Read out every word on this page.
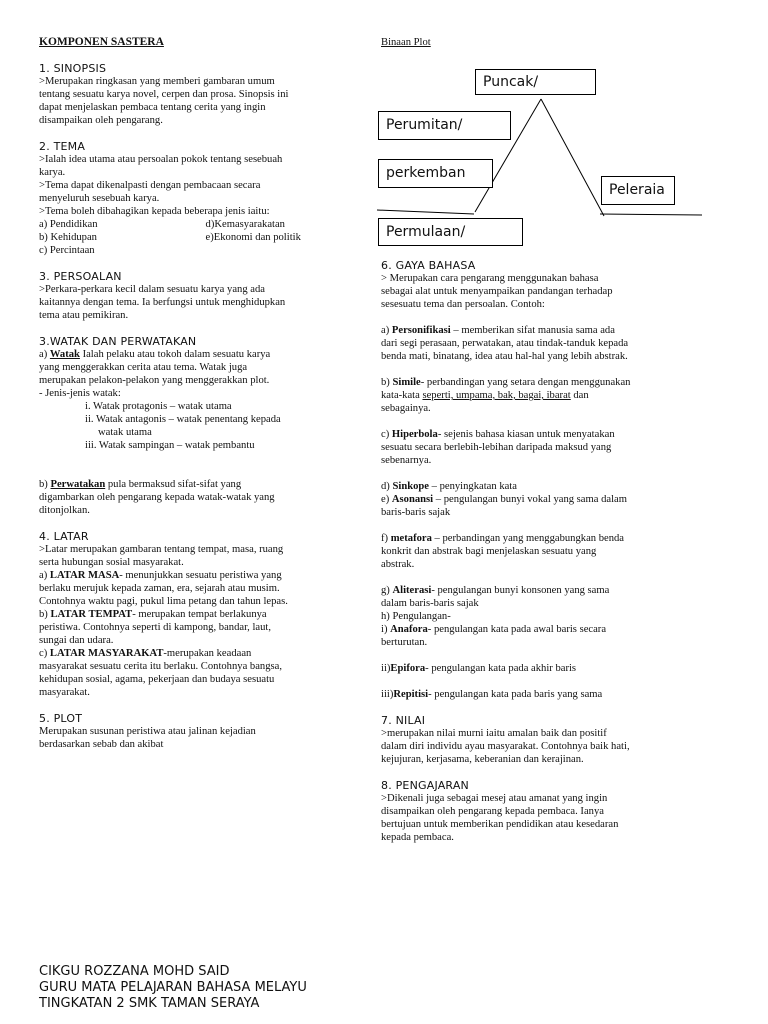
KOMPONEN SASTERA

1. SINOPSIS

>Merupakan ringkasan yang memberi gambaran umum

tentang sesuatu karya novel, cerpen dan prosa. Sinopsis ini

dapat menjelaskan pembaca tentang cerita yang ingin

disampaikan oleh pengarang.

2. TEMA

>Ialah idea utama atau persoalan pokok tentang sesebuah

karya.

>Tema dapat dikenalpasti dengan pembacaan secara

menyeluruh sesebuah karya.

>Tema boleh dibahagikan kepada beberapa jenis iaitu:

a) Pendidikan

b) Kehidupan

c) Percintaan

d)Kemasyarakatan

e)Ekonomi dan politik

3. PERSOALAN

>Perkara-perkara kecil dalam sesuatu karya yang ada

kaitannya dengan tema. Ia berfungsi untuk menghidupkan

tema atau pemikiran.

3.WATAK DAN PERWATAKAN

a) Watak Ialah pelaku atau tokoh dalam sesuatu karya

yang menggerakkan cerita atau tema. Watak juga

merupakan pelakon-pelakon yang menggerakkan plot.

- Jenis-jenis watak:

i. Watak protagonis – watak utama

ii. Watak antagonis – watak penentang kepada

watak utama

iii. Watak sampingan – watak pembantu

b) Perwatakan pula bermaksud sifat-sifat yang

digambarkan oleh pengarang kepada watak-watak yang

ditonjolkan.

4. LATAR

>Latar merupakan gambaran tentang tempat, masa, ruang

serta hubungan sosial masyarakat.

a) LATAR MASA- menunjukkan sesuatu peristiwa yang

berlaku merujuk kepada zaman, era, sejarah atau musim.

Contohnya waktu pagi, pukul lima petang dan tahun lepas.

b) LATAR TEMPAT- merupakan tempat berlakunya

peristiwa. Contohnya seperti di kampong, bandar, laut,

sungai dan udara.

c) LATAR MASYARAKAT-merupakan keadaan

masyarakat sesuatu cerita itu berlaku. Contohnya bangsa,

kehidupan sosial, agama, pekerjaan dan budaya sesuatu

masyarakat.

5. PLOT

Merupakan susunan peristiwa atau jalinan kejadian

berdasarkan sebab dan akibat

Binaan Plot

Puncak/
Perumitan/
perkemban
Peleraia
Permulaan/

6. GAYA BAHASA

> Merupakan cara pengarang menggunakan bahasa

sebagai alat untuk menyampaikan pandangan terhadap

sesesuatu tema dan persoalan. Contoh:

a) Personifikasi – memberikan sifat manusia sama ada

dari segi perasaan, perwatakan, atau tindak-tanduk kepada

benda mati, binatang, idea atau hal-hal yang lebih abstrak.

b) Simile- perbandingan yang setara dengan menggunakan

kata-kata seperti, umpama, bak, bagai, ibarat dan

sebagainya.

c) Hiperbola- sejenis bahasa kiasan untuk menyatakan

sesuatu secara berlebih-lebihan daripada maksud yang

sebenarnya.

d) Sinkope – penyingkatan kata

e) Asonansi – pengulangan bunyi vokal yang sama dalam

baris-baris sajak

f) metafora – perbandingan yang menggabungkan benda

konkrit dan abstrak bagi menjelaskan sesuatu yang

abstrak.

g) Aliterasi- pengulangan bunyi konsonen yang sama

dalam baris-baris sajak

h) Pengulangan-

i) Anafora- pengulangan kata pada awal baris secara

berturutan.

ii)Epifora- pengulangan kata pada akhir baris

iii)Repitisi- pengulangan kata pada baris yang sama

7. NILAI

>merupakan nilai murni iaitu amalan baik dan positif

dalam diri individu ayau masyarakat. Contohnya baik hati,

kejujuran, kerjasama, keberanian dan kerajinan.

8. PENGAJARAN

>Dikenali juga sebagai mesej atau amanat yang ingin

disampaikan oleh pengarang kepada pembaca. Ianya

bertujuan untuk memberikan pendidikan atau kesedaran

kepada pembaca.

CIKGU ROZZANA MOHD SAID

GURU MATA PELAJARAN BAHASA MELAYU

TINGKATAN 2 SMK TAMAN SERAYA
